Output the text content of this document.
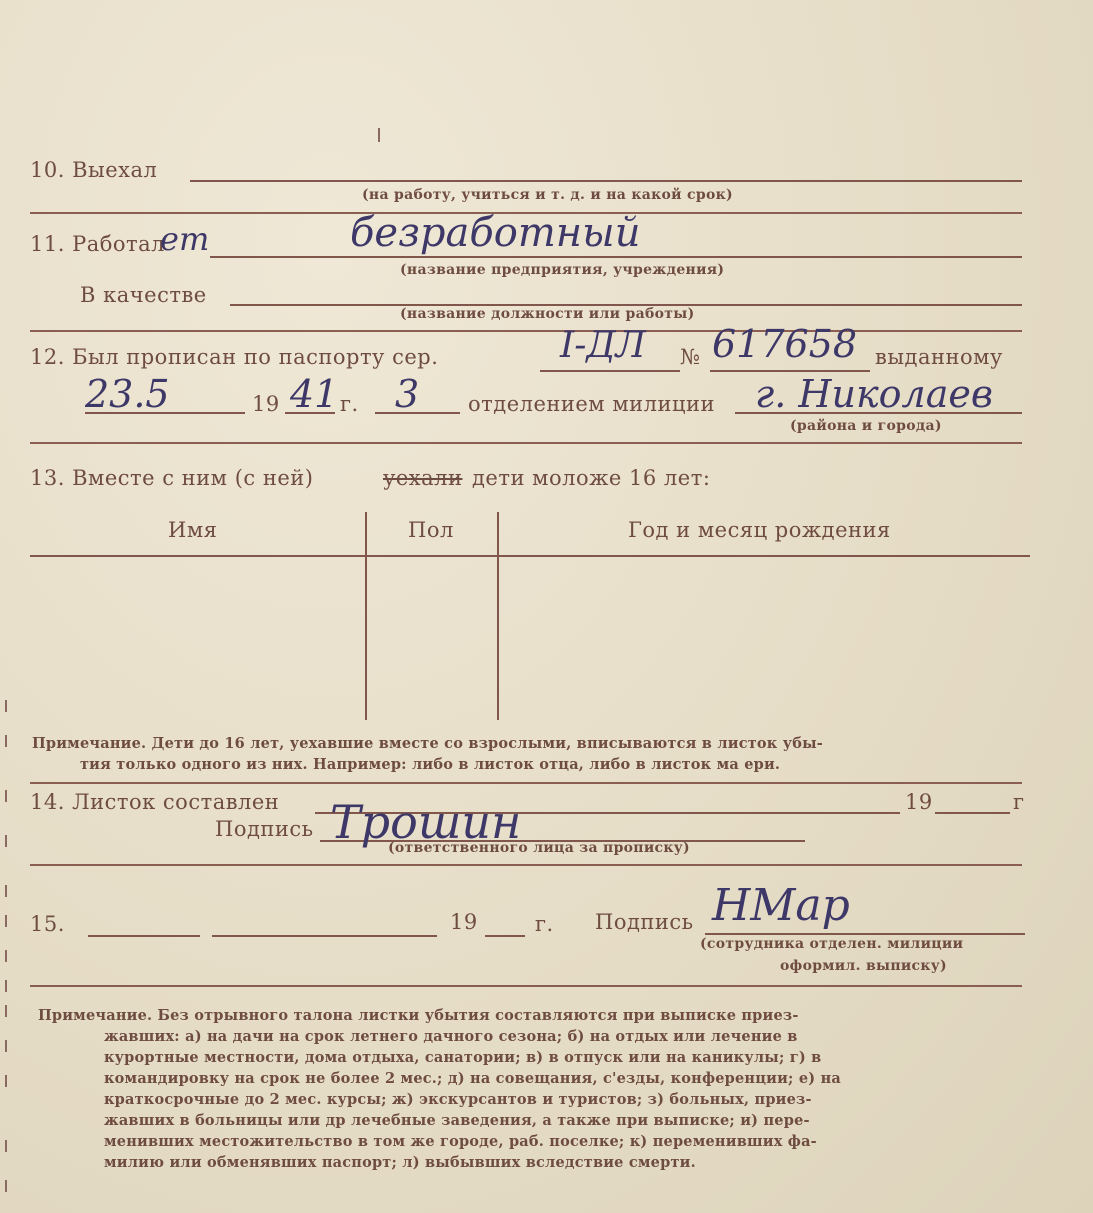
10. Выехал
(на работу, учиться и т. д. и на какой срок)
11. Работал
ет	безработный
(название предприятия, учреждения)
В качестве
(название должности или работы)
12. Был прописан по паспорту сер.	I-ДЛ № 617658 выданному
23.5	19 41 г. 3 отделением милиции г. Николаев
(района и города)
13. Вместе с ним (с ней)	уехали дети моложе 16 лет:
Имя	Пол	Год и месяц рождения
Примечание. Дети до 16 лет, уехавшие вместе со взрослыми, вписываются в листок убы-
тия только одного из них. Например: либо в листок отца, либо в листок ма ери.
14. Листок составлен	19	г
Подпись Трошин
(ответственного лица за прописку)
15.	19	г. Подпись НМар
(сотрудника отделен. милиции
оформил. выписку)
Примечание. Без отрывного талона листки убытия составляются при выписке приез-
жавших: а) на дачи на срок летнего дачного сезона; б) на отдых или лечение в
курортные местности, дома отдыха, санатории; в) в отпуск или на каникулы; г) в
командировку на срок не более 2 мес.; д) на совещания, с'езды, конференции; е) на
краткосрочные до 2 мес. курсы; ж) экскурсантов и туристов; з) больных, приез-
жавших в больницы или др лечебные заведения, а также при выписке; и) пере-
менивших местожительство в том же городе, раб. поселке; к) переменивших фа-
милию или обменявших паспорт; л) выбывших вследствие смерти.
